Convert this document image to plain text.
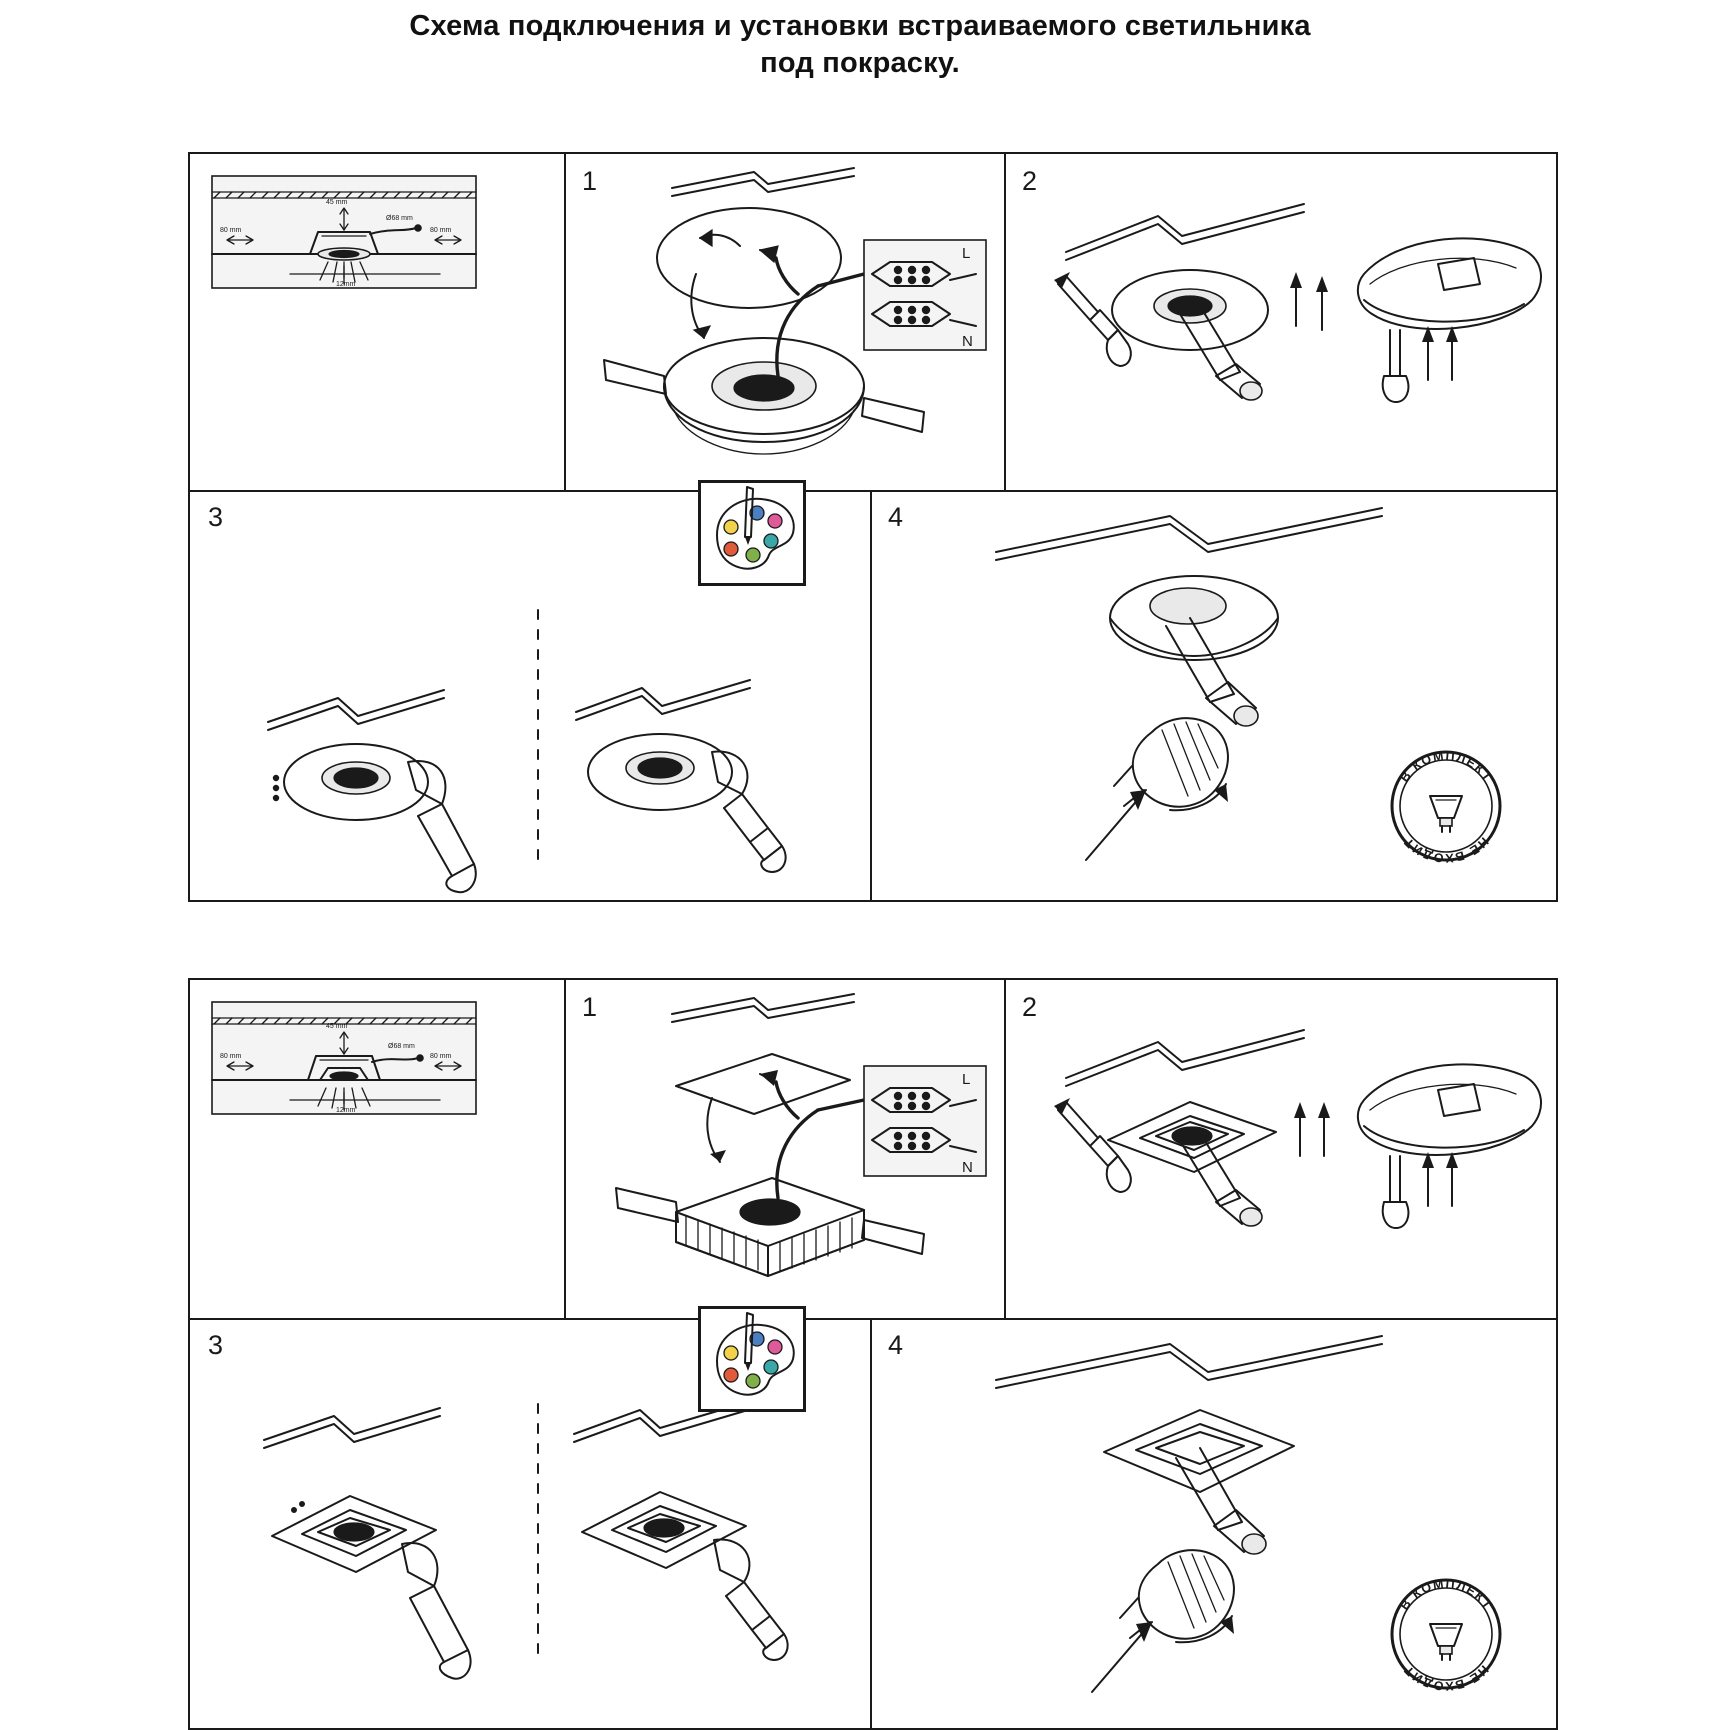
Схема подключения и установки встраиваемого светильника
под покраску.
45 mm
80 mm	80 mm
Ø68 mm
12mm
1
L
N
2
3	4
В КОМПЛЕКТ
НЕ ВХОДИТ
45 mm
80 mm	80 mm
Ø68 mm
12mm
1
L
N
2
3	4
В КОМПЛЕКТ
НЕ ВХОДИТ
